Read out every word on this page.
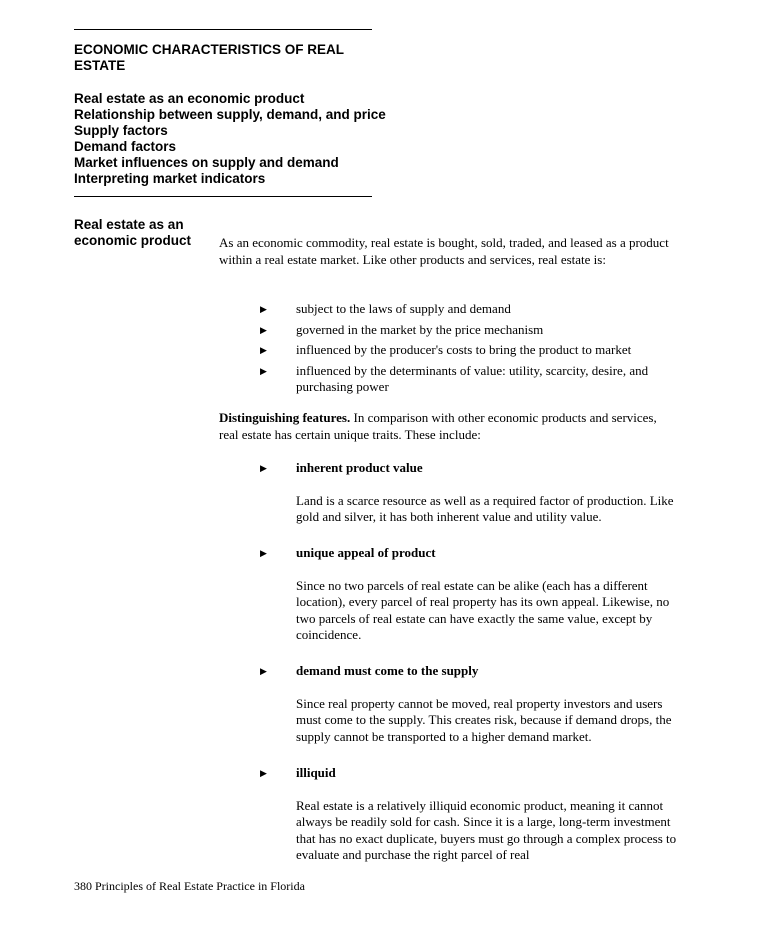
ECONOMIC CHARACTERISTICS OF REAL ESTATE
Real estate as an economic product
Relationship between supply, demand, and price
Supply factors
Demand factors
Market influences on supply and demand
Interpreting market indicators
Real estate as an economic product	As an economic commodity, real estate is bought, sold, traded, and leased as a product within a real estate market. Like other products and services, real estate is:

▶ subject to the laws of supply and demand
▶ governed in the market by the price mechanism
▶ influenced by the producer's costs to bring the product to market
▶ influenced by the determinants of value: utility, scarcity, desire, and purchasing power

Distinguishing features. In comparison with other economic products and services, real estate has certain unique traits. These include:

▶ inherent product value

Land is a scarce resource as well as a required factor of production. Like gold and silver, it has both inherent value and utility value.

▶ unique appeal of product

Since no two parcels of real estate can be alike (each has a different location), every parcel of real property has its own appeal. Likewise, no two parcels of real estate can have exactly the same value, except by coincidence.

▶ demand must come to the supply

Since real property cannot be moved, real property investors and users must come to the supply. This creates risk, because if demand drops, the supply cannot be transported to a higher demand market.

▶ illiquid

Real estate is a relatively illiquid economic product, meaning it cannot always be readily sold for cash. Since it is a large, long-term investment that has no exact duplicate, buyers must go through a complex process to evaluate and purchase the right parcel of real

380 Principles of Real Estate Practice in Florida
